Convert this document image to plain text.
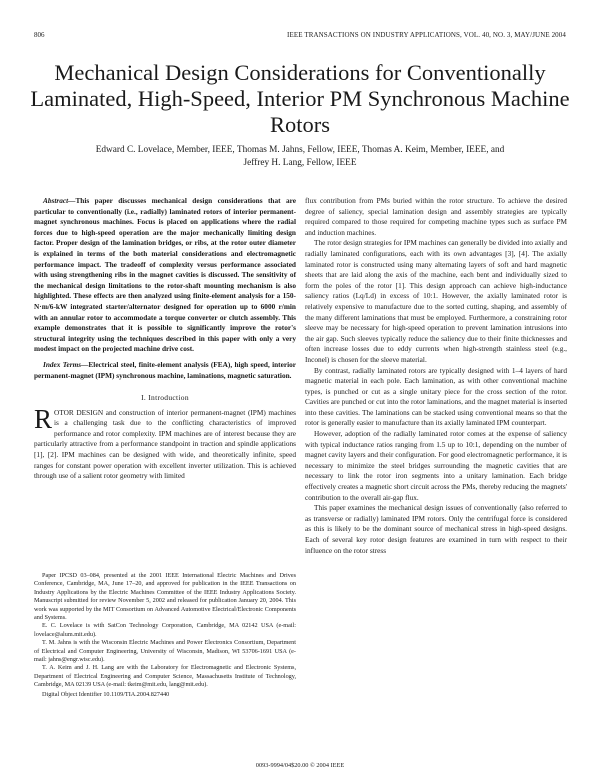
806	IEEE TRANSACTIONS ON INDUSTRY APPLICATIONS, VOL. 40, NO. 3, MAY/JUNE 2004
Mechanical Design Considerations for Conventionally Laminated, High-Speed, Interior PM Synchronous Machine Rotors
Edward C. Lovelace, Member, IEEE, Thomas M. Jahns, Fellow, IEEE, Thomas A. Keim, Member, IEEE, and
Jeffrey H. Lang, Fellow, IEEE

Abstract—This paper discusses mechanical design considerations that are particular to conventionally (i.e., radially) laminated rotors of interior permanent-magnet synchronous machines. Focus is placed on applications where the radial forces due to high-speed operation are the major mechanically limiting design factor. Proper design of the lamination bridges, or ribs, at the rotor outer diameter is explained in terms of the both material considerations and electromagnetic performance impact. The tradeoff of complexity versus performance associated with using strengthening ribs in the magnet cavities is discussed. The sensitivity of the mechanical design limitations to the rotor-shaft mounting mechanism is also highlighted. These effects are then analyzed using finite-element analysis for a 150-N·m/6-kW integrated starter/alternator designed for operation up to 6000 r/min with an annular rotor to accommodate a torque converter or clutch assembly. This example demonstrates that it is possible to significantly improve the rotor's structural integrity using the techniques described in this paper with only a very modest impact on the projected machine drive cost.

Index Terms—Electrical steel, finite-element analysis (FEA), high speed, interior permanent-magnet (IPM) synchronous machine, laminations, magnetic saturation.

I. Introduction

ROTOR DESIGN and construction of interior permanent-magnet (IPM) machines is a challenging task due to the conflicting characteristics of improved performance and rotor complexity. IPM machines are of interest because they are particularly attractive from a performance standpoint in traction and spindle applications [1], [2]. IPM machines can be designed with wide, and theoretically infinite, speed ranges for constant power operation with excellent inverter utilization. This is achieved through use of a salient rotor geometry with limited

Paper IPCSD 03–084, presented at the 2001 IEEE International Electric Machines and Drives Conference, Cambridge, MA, June 17–20, and approved for publication in the IEEE Transactions on Industry Applications by the Electric Machines Committee of the IEEE Industry Applications Society. Manuscript submitted for review November 5, 2002 and released for publication January 20, 2004. This work was supported by the MIT Consortium on Advanced Automotive Electrical/Electronic Components and Systems.

E. C. Lovelace is with SatCon Technology Corporation, Cambridge, MA 02142 USA (e-mail: lovelace@alum.mit.edu).

T. M. Jahns is with the Wisconsin Electric Machines and Power Electronics Consortium, Department of Electrical and Computer Engineering, University of Wisconsin, Madison, WI 53706-1691 USA (e-mail: jahns@engr.wisc.edu).

T. A. Keim and J. H. Lang are with the Laboratory for Electromagnetic and Electronic Systems, Department of Electrical Engineering and Computer Science, Massachusetts Institute of Technology, Cambridge, MA 02139 USA (e-mail: tkeim@mit.edu, lang@mit.edu).

Digital Object Identifier 10.1109/TIA.2004.827440

flux contribution from PMs buried within the rotor structure. To achieve the desired degree of saliency, special lamination design and assembly strategies are typically required compared to those required for competing machine types such as surface PM and induction machines.

The rotor design strategies for IPM machines can generally be divided into axially and radially laminated configurations, each with its own advantages [3], [4]. The axially laminated rotor is constructed using many alternating layers of soft and hard magnetic sheets that are laid along the axis of the machine, each bent and individually sized to form the poles of the rotor [1]. This design approach can achieve high-inductance saliency ratios (Lq/Ld) in excess of 10:1. However, the axially laminated rotor is relatively expensive to manufacture due to the sorted cutting, shaping, and assembly of the many different laminations that must be employed. Furthermore, a constraining rotor sleeve may be necessary for high-speed operation to prevent lamination intrusions into the air gap. Such sleeves typically reduce the saliency due to their finite thicknesses and often increase losses due to eddy currents when high-strength stainless steel (e.g., Inconel) is chosen for the sleeve material.

By contrast, radially laminated rotors are typically designed with 1–4 layers of hard magnetic material in each pole. Each lamination, as with other conventional machine types, is punched or cut as a single unitary piece for the cross section of the rotor. Cavities are punched or cut into the rotor laminations, and the magnet material is inserted into these cavities. The laminations can be stacked using conventional means so that the rotor is generally easier to manufacture than its axially laminated IPM counterpart.

However, adoption of the radially laminated rotor comes at the expense of saliency with typical inductance ratios ranging from 1.5 up to 10:1, depending on the number of magnet cavity layers and their configuration. For good electromagnetic performance, it is necessary to minimize the steel bridges surrounding the magnetic cavities that are necessary to link the rotor iron segments into a unitary lamination. Each bridge effectively creates a magnetic short circuit across the PMs, thereby reducing the magnets' contribution to the overall air-gap flux.

This paper examines the mechanical design issues of conventionally (also referred to as transverse or radially) laminated IPM rotors. Only the centrifugal force is considered as this is likely to be the dominant source of mechanical stress in high-speed designs. Each of several key rotor design features are examined in turn with respect to their influence on the rotor stress

0093-9994/04$20.00 © 2004 IEEE
